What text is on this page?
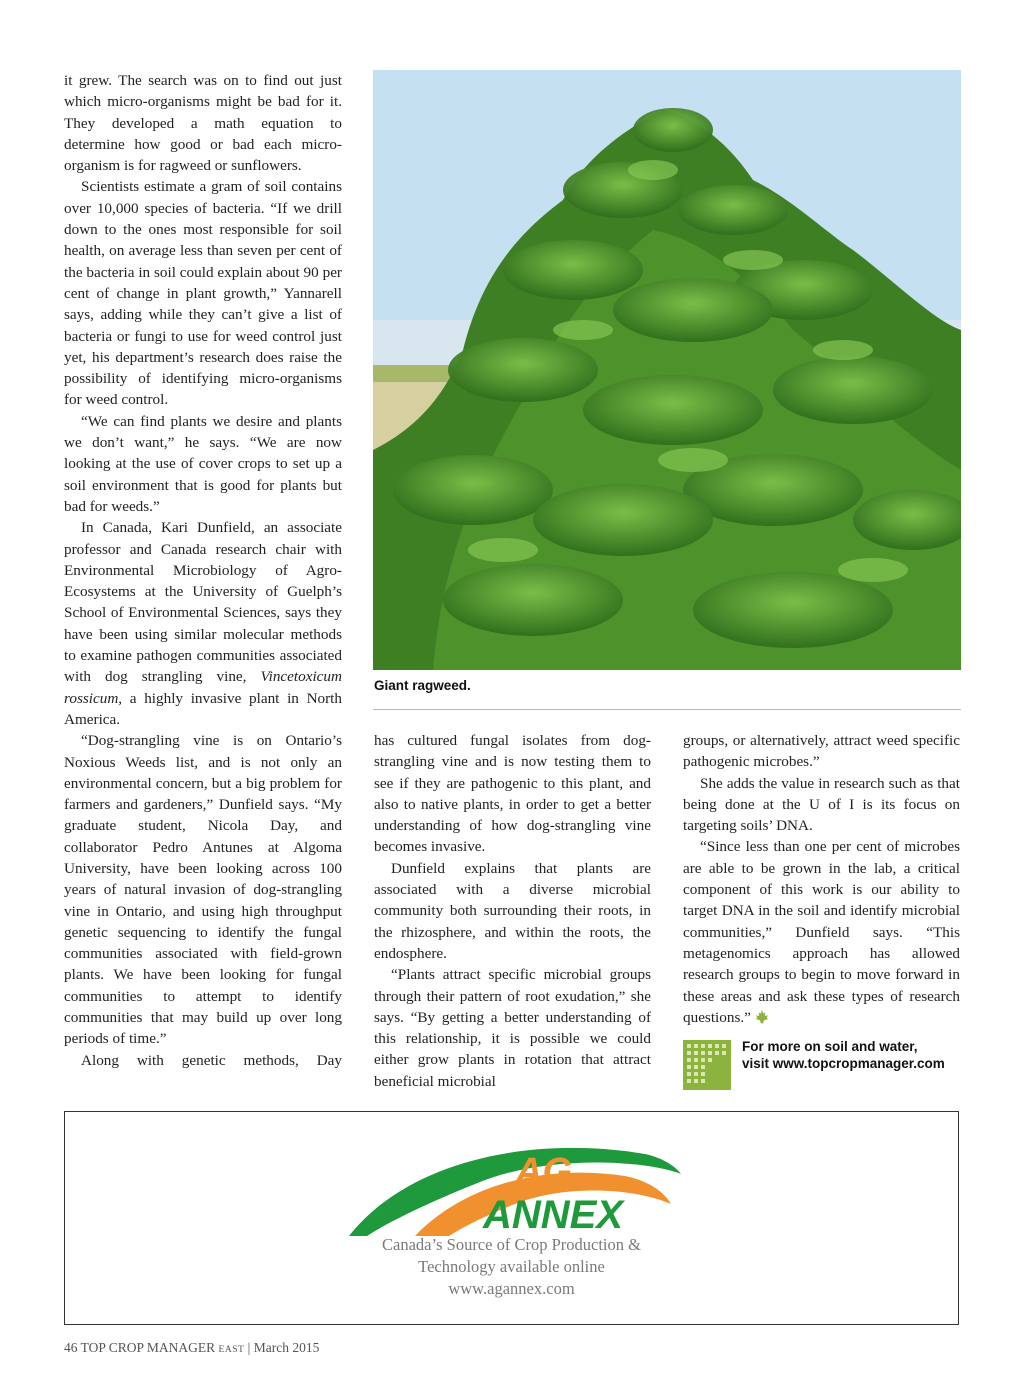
it grew. The search was on to find out just which micro-organisms might be bad for it. They developed a math equation to determine how good or bad each micro-organism is for ragweed or sunflowers.

Scientists estimate a gram of soil contains over 10,000 species of bacteria. “If we drill down to the ones most responsible for soil health, on average less than seven per cent of the bacteria in soil could explain about 90 per cent of change in plant growth,” Yannarell says, adding while they can’t give a list of bacteria or fungi to use for weed control just yet, his department’s research does raise the possibility of identifying micro-organisms for weed control.

“We can find plants we desire and plants we don’t want,” he says. “We are now looking at the use of cover crops to set up a soil environment that is good for plants but bad for weeds.”

In Canada, Kari Dunfield, an associate professor and Canada research chair with Environmental Microbiology of Agro-Ecosystems at the University of Guelph’s School of Environmental Sciences, says they have been using similar molecular methods to examine pathogen communities associated with dog strangling vine, Vincetoxicum rossicum, a highly invasive plant in North America.

“Dog-strangling vine is on Ontario’s Noxious Weeds list, and is not only an environmental concern, but a big problem for farmers and gardeners,” Dunfield says. “My graduate student, Nicola Day, and collaborator Pedro Antunes at Algoma University, have been looking across 100 years of natural invasion of dog-strangling vine in Ontario, and using high throughput genetic sequencing to identify the fungal communities associated with field-grown plants. We have been looking for fungal communities to attempt to identify communities that may build up over long periods of time.”

Along with genetic methods, Day

Giant ragweed.

has cultured fungal isolates from dog-strangling vine and is now testing them to see if they are pathogenic to this plant, and also to native plants, in order to get a better understanding of how dog-strangling vine becomes invasive.

Dunfield explains that plants are associated with a diverse microbial community both surrounding their roots, in the rhizosphere, and within the roots, the endosphere.

“Plants attract specific microbial groups through their pattern of root exudation,” she says. “By getting a better understanding of this relationship, it is possible we could either grow plants in rotation that attract beneficial microbial

groups, or alternatively, attract weed specific pathogenic microbes.”

She adds the value in research such as that being done at the U of I is its focus on targeting soils’ DNA.

“Since less than one per cent of microbes are able to be grown in the lab, a critical component of this work is our ability to target DNA in the soil and identify microbial communities,” Dunfield says. “This metagenomics approach has allowed research groups to begin to move forward in these areas and ask these types of research questions.”

For more on soil and water,
visit www.topcropmanager.com
AG
ANNEX
Canada’s Source of Crop Production &
Technology available online
www.agannex.com
46 TOP CROP MANAGER EAST | March 2015
